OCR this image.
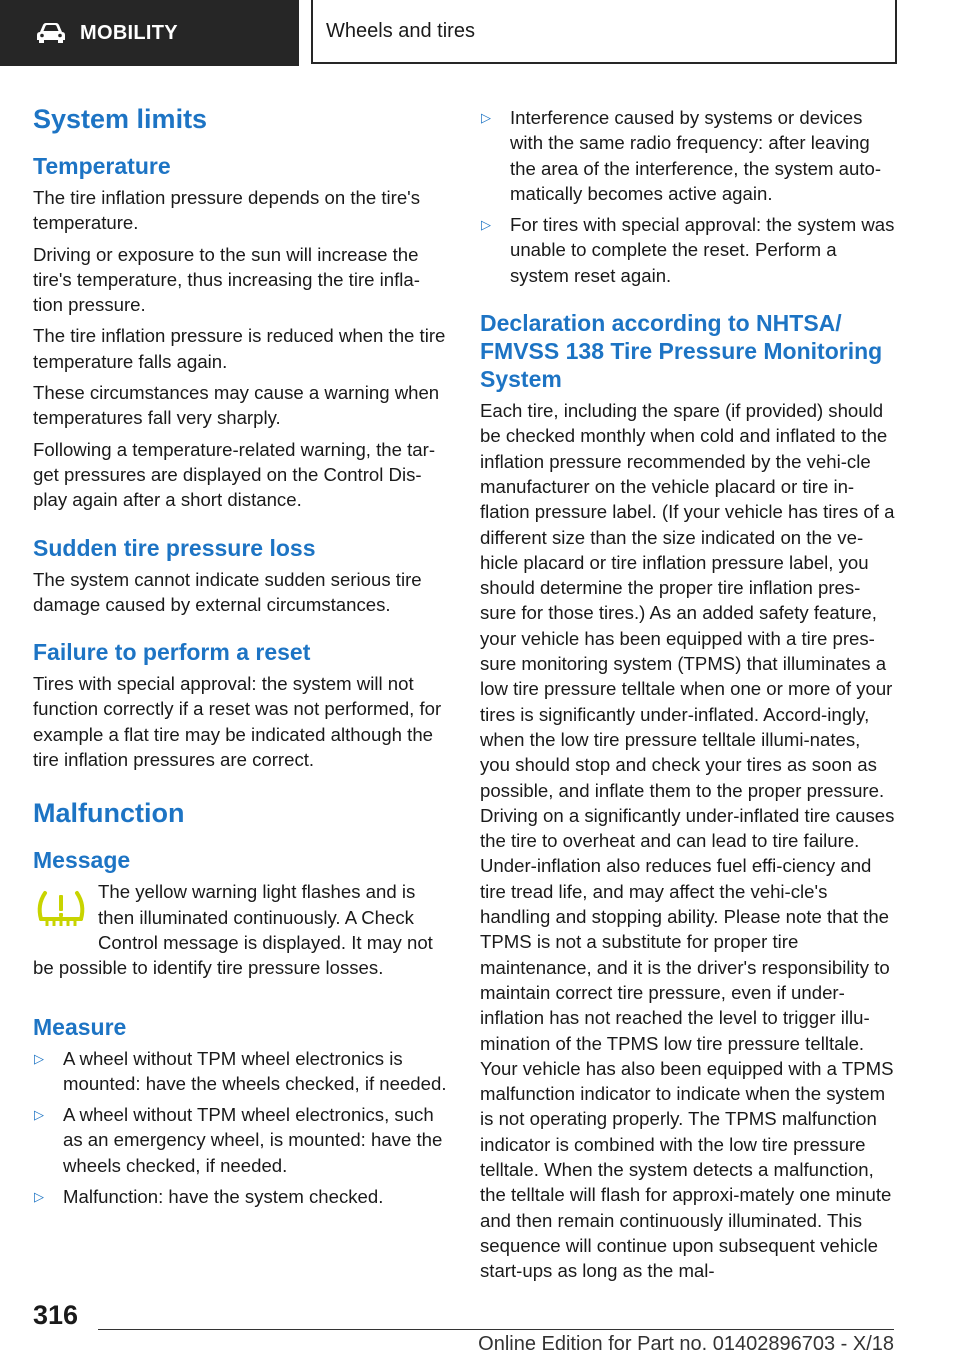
MOBILITY	Wheels and tires
System limits
Temperature

The tire inflation pressure depends on the tire's temperature.

Driving or exposure to the sun will increase the tire's temperature, thus increasing the tire infla‐tion pressure.

The tire inflation pressure is reduced when the tire temperature falls again.

These circumstances may cause a warning when temperatures fall very sharply.

Following a temperature-related warning, the tar‐get pressures are displayed on the Control Dis‐play again after a short distance.

Sudden tire pressure loss

The system cannot indicate sudden serious tire damage caused by external circumstances.

Failure to perform a reset

Tires with special approval: the system will not function correctly if a reset was not performed, for example a flat tire may be indicated although the tire inflation pressures are correct.

Malfunction
Message

The yellow warning light flashes and is then illuminated continuously. A Check Control message is displayed. It may not be possible to identify tire pressure losses.

Measure
▷	A wheel without TPM wheel electronics is mounted: have the wheels checked, if needed.
▷	A wheel without TPM wheel electronics, such as an emergency wheel, is mounted: have the wheels checked, if needed.
▷	Malfunction: have the system checked.
▷	Interference caused by systems or devices with the same radio frequency: after leaving the area of the interference, the system auto‐matically becomes active again.
▷	For tires with special approval: the system was unable to complete the reset. Perform a system reset again.
Declaration according to NHTSA/ FMVSS 138 Tire Pressure Monitoring System

Each tire, including the spare (if provided) should be checked monthly when cold and inflated to the inflation pressure recommended by the vehi‐cle manufacturer on the vehicle placard or tire in‐flation pressure label. (If your vehicle has tires of a different size than the size indicated on the ve‐hicle placard or tire inflation pressure label, you should determine the proper tire inflation pres‐sure for those tires.) As an added safety feature, your vehicle has been equipped with a tire pres‐sure monitoring system (TPMS) that illuminates a low tire pressure telltale when one or more of your tires is significantly under-inflated. Accord‐ingly, when the low tire pressure telltale illumi‐nates, you should stop and check your tires as soon as possible, and inflate them to the proper pressure. Driving on a significantly under-inflated tire causes the tire to overheat and can lead to tire failure. Under-inflation also reduces fuel effi‐ciency and tire tread life, and may affect the vehi‐cle's handling and stopping ability. Please note that the TPMS is not a substitute for proper tire maintenance, and it is the driver's responsibility to maintain correct tire pressure, even if under-inflation has not reached the level to trigger illu‐mination of the TPMS low tire pressure telltale. Your vehicle has also been equipped with a TPMS malfunction indicator to indicate when the system is not operating properly. The TPMS malfunction indicator is combined with the low tire pressure telltale. When the system detects a malfunction, the telltale will flash for approxi‐mately one minute and then remain continuously illuminated. This sequence will continue upon subsequent vehicle start-ups as long as the mal‐

316
Online Edition for Part no. 01402896703 - X/18
